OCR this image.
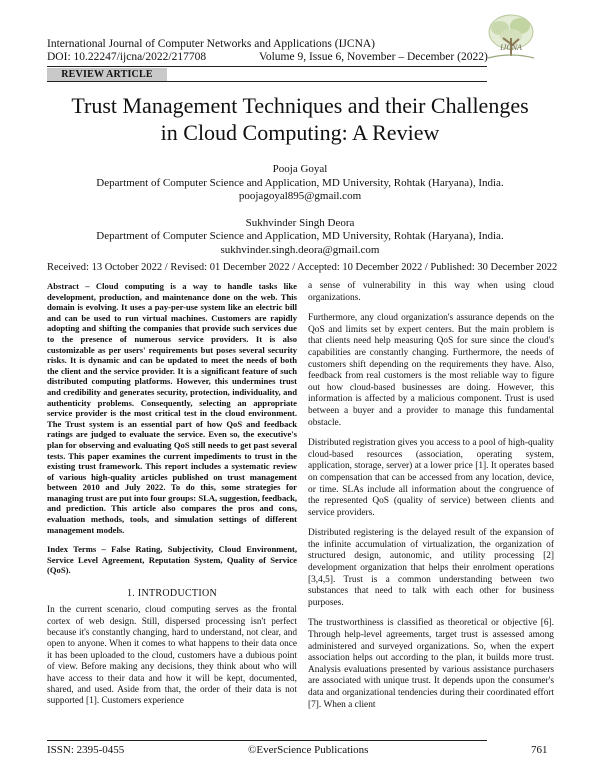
International Journal of Computer Networks and Applications (IJCNA)
DOI: 10.22247/ijcna/2022/217708	Volume 9, Issue 6, November – December (2022)
IJCNA
REVIEW ARTICLE
Trust Management Techniques and their Challenges
in Cloud Computing: A Review
Pooja Goyal
Department of Computer Science and Application, MD University, Rohtak (Haryana), India.
poojagoyal895@gmail.com
Sukhvinder Singh Deora
Department of Computer Science and Application, MD University, Rohtak (Haryana), India.
sukhvinder.singh.deora@gmail.com
Received: 13 October 2022 / Revised: 01 December 2022 / Accepted: 10 December 2022 / Published: 30 December 2022

Abstract – Cloud computing is a way to handle tasks like development, production, and maintenance done on the web. This domain is evolving. It uses a pay-per-use system like an electric bill and can be used to run virtual machines. Customers are rapidly adopting and shifting the companies that provide such services due to the presence of numerous service providers. It is also customizable as per users' requirements but poses several security risks. It is dynamic and can be updated to meet the needs of both the client and the service provider. It is a significant feature of such distributed computing platforms. However, this undermines trust and credibility and generates security, protection, individuality, and authenticity problems. Consequently, selecting an appropriate service provider is the most critical test in the cloud environment. The Trust system is an essential part of how QoS and feedback ratings are judged to evaluate the service. Even so, the executive's plan for observing and evaluating QoS still needs to get past several tests. This paper examines the current impediments to trust in the existing trust framework. This report includes a systematic review of various high-quality articles published on trust management between 2010 and July 2022. To do this, some strategies for managing trust are put into four groups: SLA, suggestion, feedback, and prediction. This article also compares the pros and cons, evaluation methods, tools, and simulation settings of different management models.

Index Terms – False Rating, Subjectivity, Cloud Environment, Service Level Agreement, Reputation System, Quality of Service (QoS).

1. INTRODUCTION

In the current scenario, cloud computing serves as the frontal cortex of web design. Still, dispersed processing isn't perfect because it's constantly changing, hard to understand, not clear, and open to anyone. When it comes to what happens to their data once it has been uploaded to the cloud, customers have a dubious point of view. Before making any decisions, they think about who will have access to their data and how it will be kept, documented, shared, and used. Aside from that, the order of their data is not supported [1]. Customers experience

a sense of vulnerability in this way when using cloud organizations.

Furthermore, any cloud organization's assurance depends on the QoS and limits set by expert centers. But the main problem is that clients need help measuring QoS for sure since the cloud's capabilities are constantly changing. Furthermore, the needs of customers shift depending on the requirements they have. Also, feedback from real customers is the most reliable way to figure out how cloud-based businesses are doing. However, this information is affected by a malicious component. Trust is used between a buyer and a provider to manage this fundamental obstacle.

Distributed registration gives you access to a pool of high-quality cloud-based resources (association, operating system, application, storage, server) at a lower price [1]. It operates based on compensation that can be accessed from any location, device, or time. SLAs include all information about the congruence of the represented QoS (quality of service) between clients and service providers.

Distributed registering is the delayed result of the expansion of the infinite accumulation of virtualization, the organization of structured design, autonomic, and utility processing [2] development organization that helps their enrolment operations [3,4,5]. Trust is a common understanding between two substances that need to talk with each other for business purposes.

The trustworthiness is classified as theoretical or objective [6]. Through help-level agreements, target trust is assessed among administered and surveyed organizations. So, when the expert association helps out according to the plan, it builds more trust. Analysis evaluations presented by various assistance purchasers are associated with unique trust. It depends upon the consumer's data and organizational tendencies during their coordinated effort [7]. When a client

ISSN: 2395-0455	©EverScience Publications	761
